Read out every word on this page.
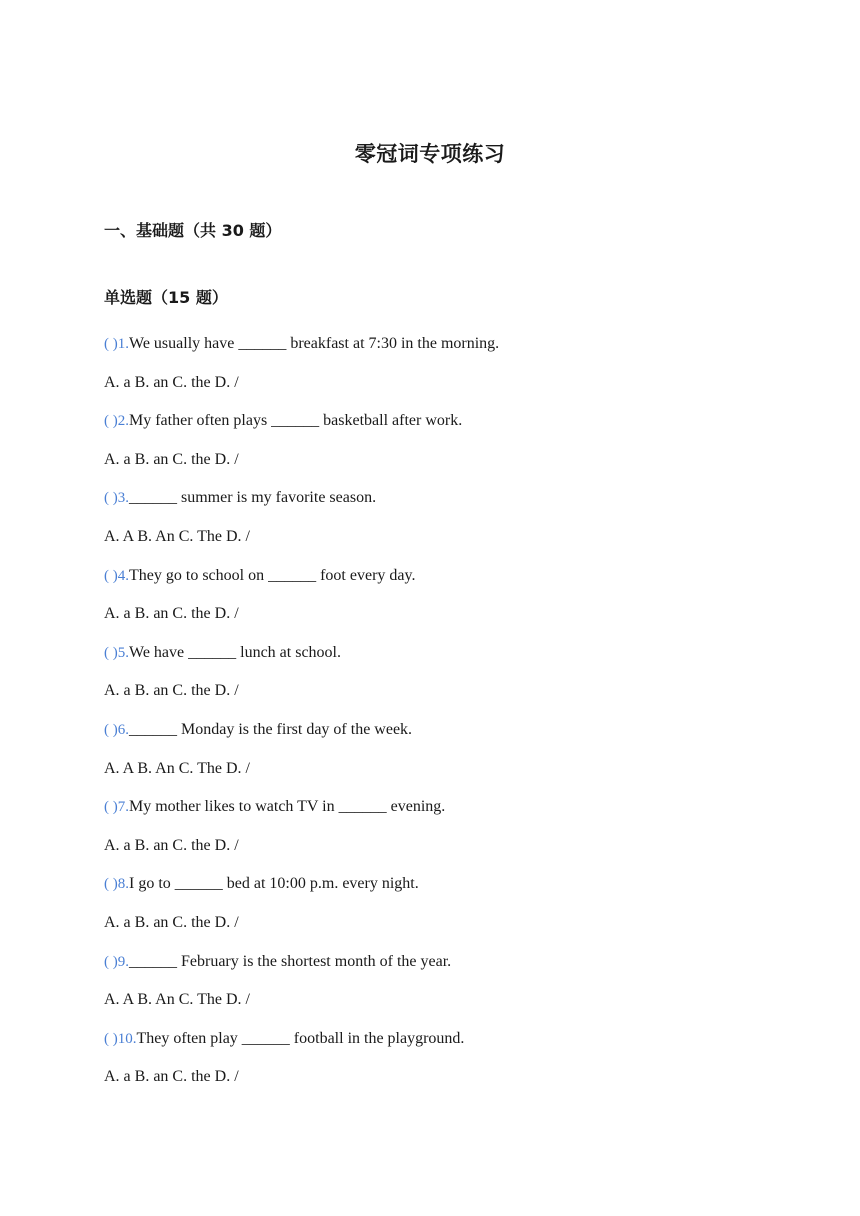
零冠词专项练习
一、基础题（共 30 题）
单选题（15 题）
( )1.We usually have ______ breakfast at 7:30 in the morning.
A. a B. an C. the D. /
( )2.My father often plays ______ basketball after work.
A. a B. an C. the D. /
( )3.______ summer is my favorite season.
A. A B. An C. The D. /
( )4.They go to school on ______ foot every day.
A. a B. an C. the D. /
( )5.We have ______ lunch at school.
A. a B. an C. the D. /
( )6.______ Monday is the first day of the week.
A. A B. An C. The D. /
( )7.My mother likes to watch TV in ______ evening.
A. a B. an C. the D. /
( )8.I go to ______ bed at 10:00 p.m. every night.
A. a B. an C. the D. /
( )9.______ February is the shortest month of the year.
A. A B. An C. The D. /
( )10.They often play ______ football in the playground.
A. a B. an C. the D. /
